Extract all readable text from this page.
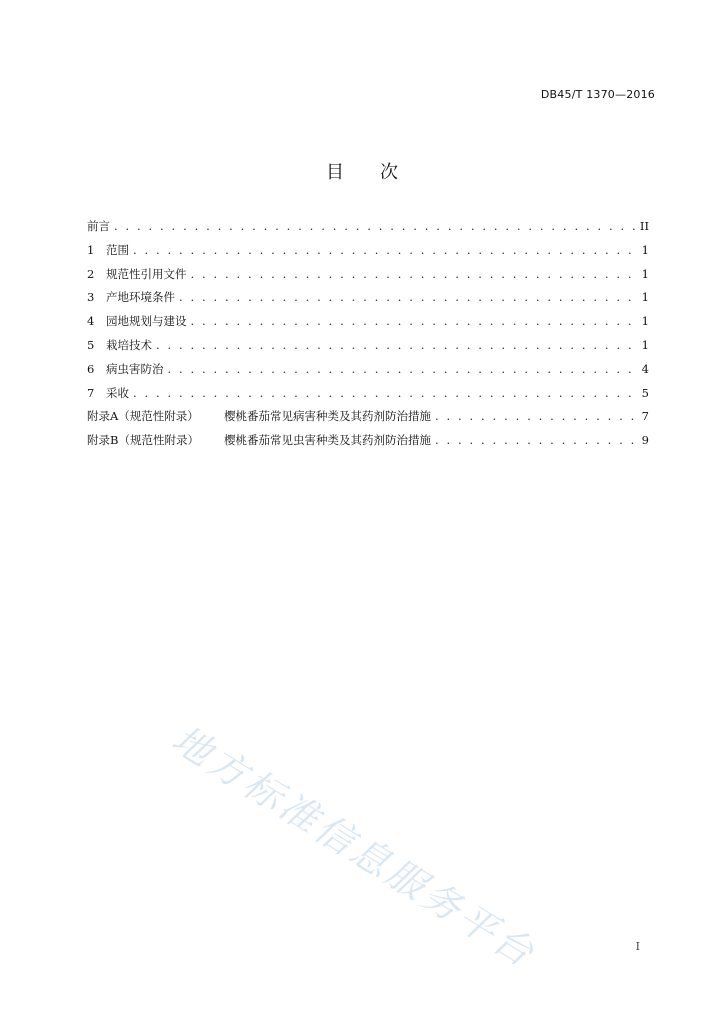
DB45/T 1370—2016
目　　次
前言 . . .	II
1	范围 . . .	1
2	规范性引用文件 . . .	1
3	产地环境条件 . . .	1
4	园地规划与建设 . . .	1
5	栽培技术 . . .	1
6	病虫害防治 . . .	4
7	采收 . . .	5
附录A（规范性附录）	樱桃番茄常见病害种类及其药剂防治措施 . . .	7
附录B（规范性附录）	樱桃番茄常见虫害种类及其药剂防治措施 . . .	9
地方标准信息服务平台	I
